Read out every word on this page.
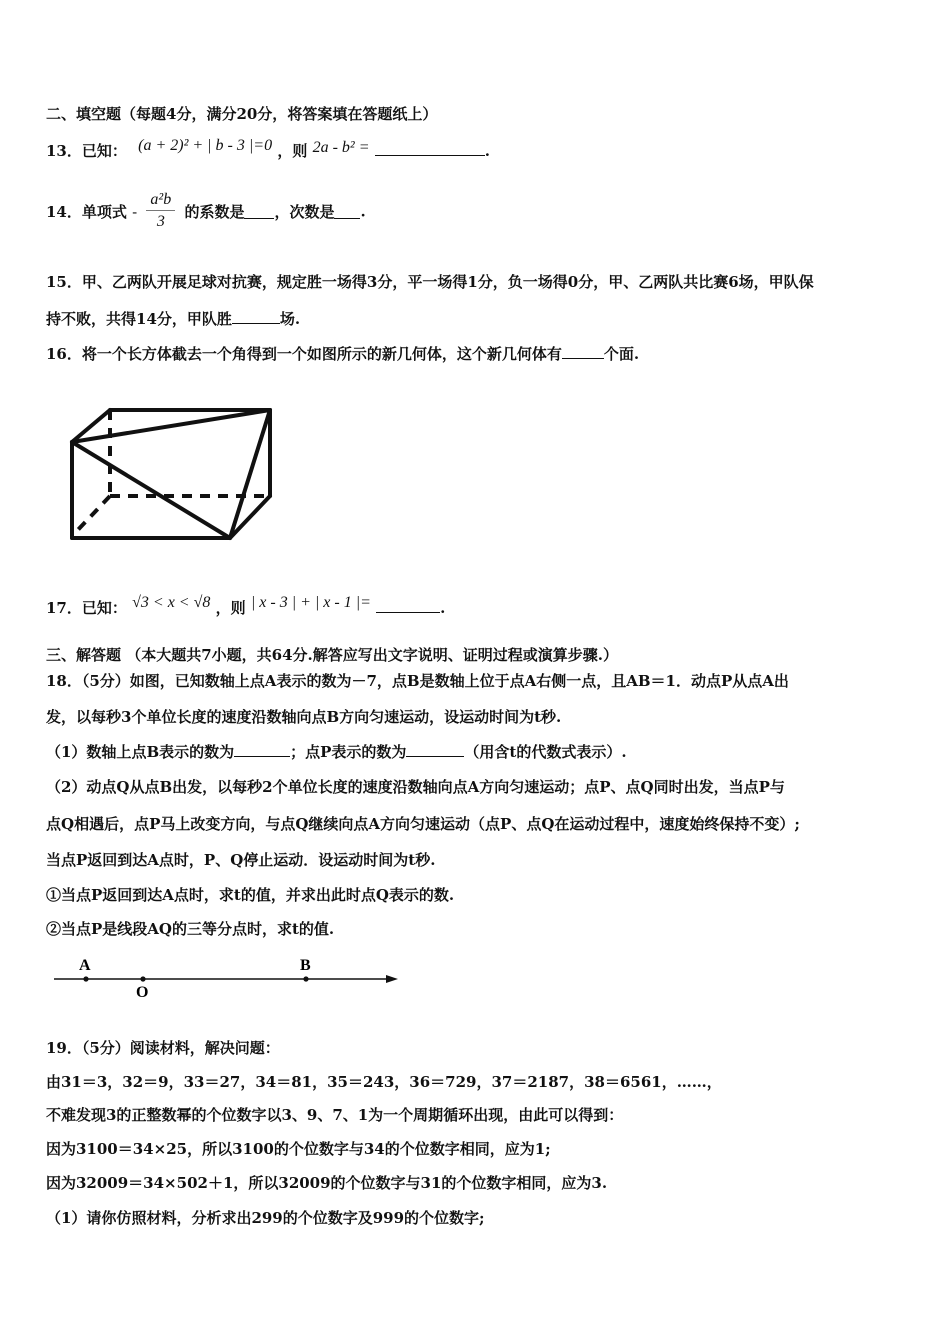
二、填空题（每题4分，满分20分，将答案填在答题纸上）
13．已知： (a + 2)² + | b - 3 |=0 ，则 2a - b² =	.
14．单项式 - $\frac{\text{a²b}}{3}$ 的系数是 ，次数是 .
15．甲、乙两队开展足球对抗赛，规定胜一场得3分，平一场得1分，负一场得0分，甲、乙两队共比赛6场，甲队保
持不败，共得14分，甲队胜	场.
16．将一个长方体截去一个角得到一个如图所示的新几何体，这个新几何体有	个面.
17．已知： √3 < x < √8 ，则 | x - 3 | + | x - 1 |=	.
三、解答题 （本大题共7小题，共64分.解答应写出文字说明、证明过程或演算步骤.）
18．（5分）如图，已知数轴上点A表示的数为－7，点B是数轴上位于点A右侧一点，且AB＝1．动点P从点A出
发，以每秒3个单位长度的速度沿数轴向点B方向匀速运动，设运动时间为t秒.
（1）数轴上点B表示的数为	；点P表示的数为	（用含t的代数式表示）.
（2）动点Q从点B出发，以每秒2个单位长度的速度沿数轴向点A方向匀速运动；点P、点Q同时出发，当点P与
点Q相遇后，点P马上改变方向，与点Q继续向点A方向匀速运动（点P、点Q在运动过程中，速度始终保持不变）;
当点P返回到达A点时，P、Q停止运动．设运动时间为t秒.
①当点P返回到达A点时，求t的值，并求出此时点Q表示的数.
②当点P是线段AQ的三等分点时，求t的值.
A
O
B
19．（5分）阅读材料，解决问题：
由31＝3，32＝9，33＝27，34＝81，35＝243，36＝729，37＝2187，38＝6561，……，
不难发现3的正整数幂的个位数字以3、9、7、1为一个周期循环出现，由此可以得到：
因为3100＝34×25，所以3100的个位数字与34的个位数字相同，应为1;
因为32009＝34×502＋1，所以32009的个位数字与31的个位数字相同，应为3.
（1）请你仿照材料，分析求出299的个位数字及999的个位数字;
